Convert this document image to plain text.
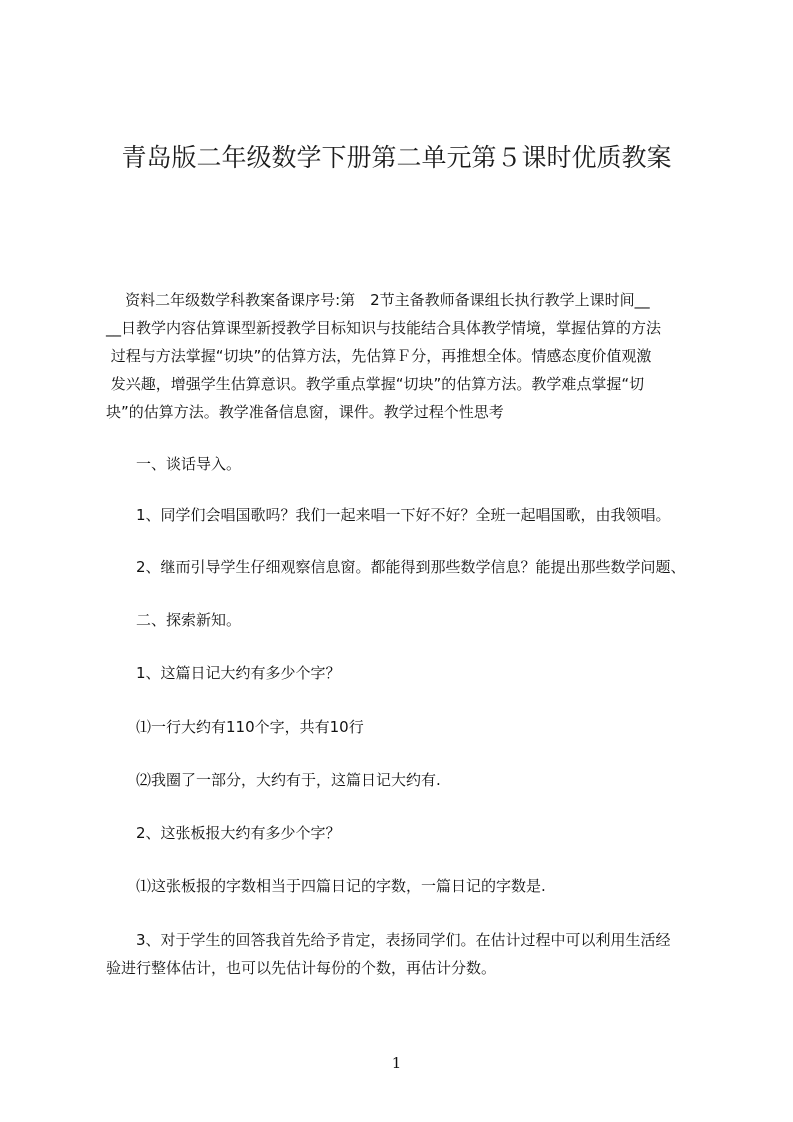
青岛版二年级数学下册第二单元第５课时优质教案
资料二年级数学科教案备课序号:第　2节主备教师备课组长执行教学上课时间__
__日教学内容估算课型新授教学目标知识与技能结合具体教学情境，掌握估算的方法
过程与方法掌握“切块”的估算方法，先估算Ｆ分，再推想全体。情感态度价值观激
发兴趣，增强学生估算意识。教学重点掌握“切块”的估算方法。教学难点掌握“切
块”的估算方法。教学准备信息窗，课件。教学过程个性思考
一、谈话导入。
1、同学们会唱国歌吗？我们一起来唱一下好不好？全班一起唱国歌，由我领唱。
2、继而引导学生仔细观察信息窗。都能得到那些数学信息？能提出那些数学问题、
二、探索新知。
1、这篇日记大约有多少个字？
⑴一行大约有110个字，共有10行
⑵我圈了一部分，大约有于，这篇日记大约有.
2、这张板报大约有多少个字？
⑴这张板报的字数相当于四篇日记的字数，一篇日记的字数是.
3、对于学生的回答我首先给予肯定，表扬同学们。在估计过程中可以利用生活经
验进行整体估计，也可以先估计每份的个数，再估计分数。
1
